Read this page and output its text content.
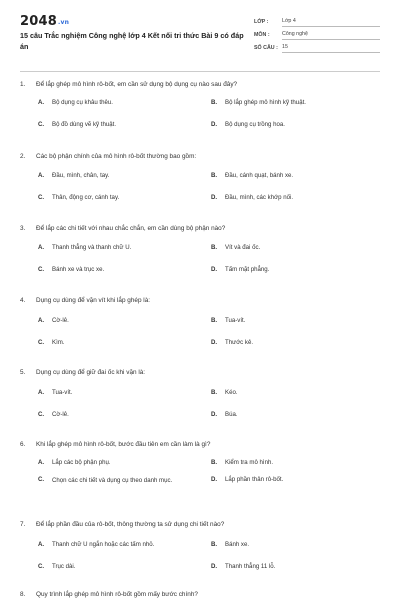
2048.vn
15 câu Trắc nghiệm Công nghệ lớp 4 Kết nối tri thức Bài 9 có đáp án
LỚP :	Lớp 4
MÔN :	Công nghệ
SỐ CÂU : 15
1.	Để lắp ghép mô hình rô-bốt, em cần sử dụng bộ dụng cụ nào sau đây?
A.	Bộ dụng cụ khâu thêu.	B.	Bộ lắp ghép mô hình kỹ thuật.
C.	Bộ đồ dùng vẽ kỹ thuật.	D.	Bộ dụng cụ trồng hoa.
2.	Các bộ phận chính của mô hình rô-bốt thường bao gồm:
A.	Đầu, mình, chân, tay.	B.	Đầu, cánh quạt, bánh xe.
C.	Thân, động cơ, cánh tay.	D.	Đầu, mình, các khớp nối.
3.	Để lắp các chi tiết với nhau chắc chắn, em cần dùng bộ phận nào?
A.	Thanh thẳng và thanh chữ U.	B.	Vít và đai ốc.
C.	Bánh xe và trục xe.	D.	Tấm mặt phẳng.
4.	Dụng cụ dùng để vặn vít khi lắp ghép là:
A.	Cờ-lê.	B.	Tua-vít.
C.	Kìm.	D.	Thước kẻ.
5.	Dụng cụ dùng để giữ đai ốc khi vặn là:
A.	Tua-vít.	B.	Kéo.
C.	Cờ-lê.	D.	Búa.
6.	Khi lắp ghép mô hình rô-bốt, bước đầu tiên em cần làm là gì?
A.	Lắp các bộ phận phụ.	B.	Kiểm tra mô hình.
C.	Chọn các chi tiết và dụng cụ theo danh mục.	D.	Lắp phần thân rô-bốt.
7.	Để lắp phần đầu của rô-bốt, thông thường ta sử dụng chi tiết nào?
A.	Thanh chữ U ngắn hoặc các tấm nhỏ.	B.	Bánh xe.
C.	Trục dài.	D.	Thanh thẳng 11 lỗ.
8.	Quy trình lắp ghép mô hình rô-bốt gồm mấy bước chính?
